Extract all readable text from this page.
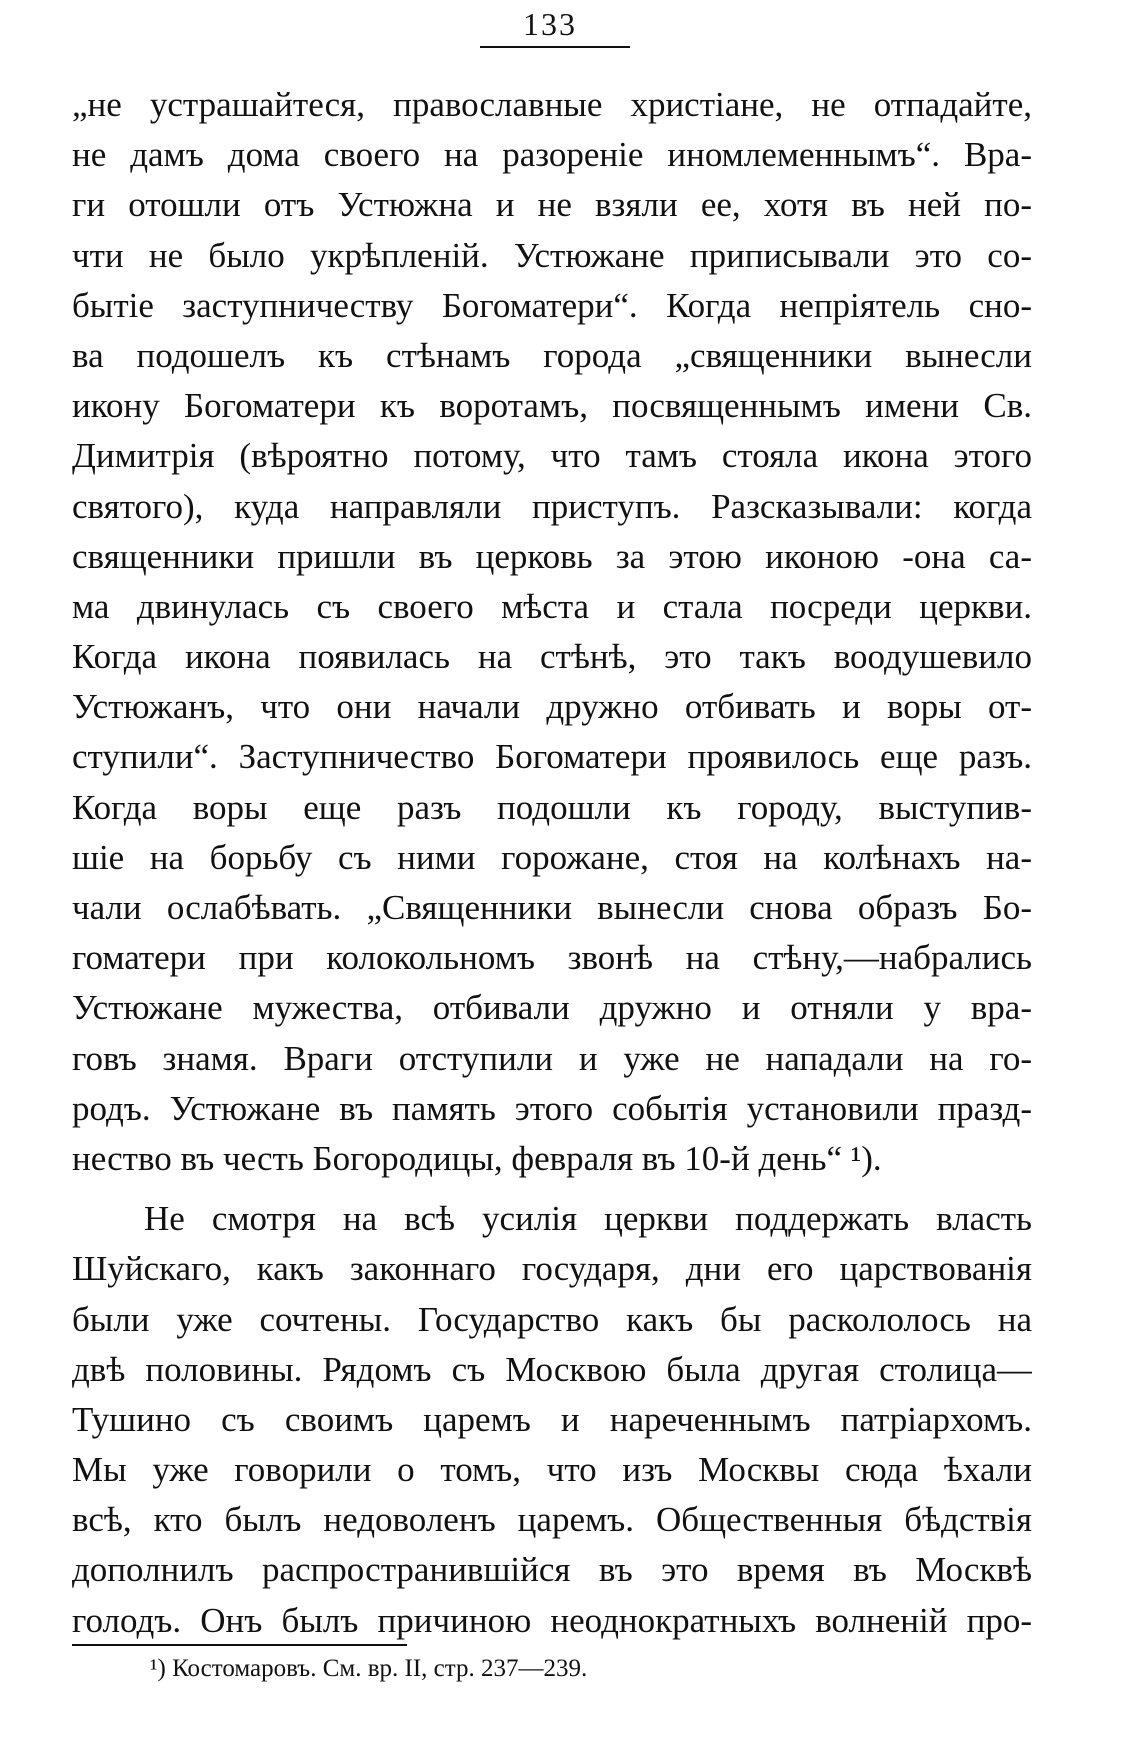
133
„не устрашайтеся, православные христіане, не отпадайте,
не дамъ дома своего на разореніе иномлеменнымъ“. Вра-
ги отошли отъ Устюжна и не взяли ее, хотя въ ней по-
чти не было укрѣпленій. Устюжане приписывали это со-
бытіе заступничеству Богоматери“. Когда непріятель сно-
ва подошелъ къ стѣнамъ города „священники вынесли
икону Богоматери къ воротамъ, посвященнымъ имени Св.
Димитрія (вѣроятно потому, что тамъ стояла икона этого
святого), куда направляли приступъ. Разсказывали: когда
священники пришли въ церковь за этою иконою -она са-
ма двинулась съ своего мѣста и стала посреди церкви.
Когда икона появилась на стѣнѣ, это такъ воодушевило
Устюжанъ, что они начали дружно отбивать и воры от-
ступили“. Заступничество Богоматери проявилось еще разъ.
Когда воры еще разъ подошли къ городу, выступив-
шіе на борьбу съ ними горожане, стоя на колѣнахъ на-
чали ослабѣвать. „Священники вынесли снова образъ Бо-
гоматери при колокольномъ звонѣ на стѣну,—набрались
Устюжане мужества, отбивали дружно и отняли у вра-
говъ знамя. Враги отступили и уже не нападали на го-
родъ. Устюжане въ память этого событія установили празд-
нество въ честь Богородицы, февраля въ 10-й день“ ¹).
Не смотря на всѣ усилія церкви поддержать власть
Шуйскаго, какъ законнаго государя, дни его царствованія
были уже сочтены. Государство какъ бы раскололось на
двѣ половины. Рядомъ съ Москвою была другая столица—
Тушино съ своимъ царемъ и нареченнымъ патріархомъ.
Мы уже говорили о томъ, что изъ Москвы сюда ѣхали
всѣ, кто былъ недоволенъ царемъ. Общественныя бѣдствія
дополнилъ распространившійся въ это время въ Москвѣ
голодъ. Онъ былъ причиною неоднократныхъ волненій про-
¹) Костомаровъ. См. вр. II, стр. 237—239.
